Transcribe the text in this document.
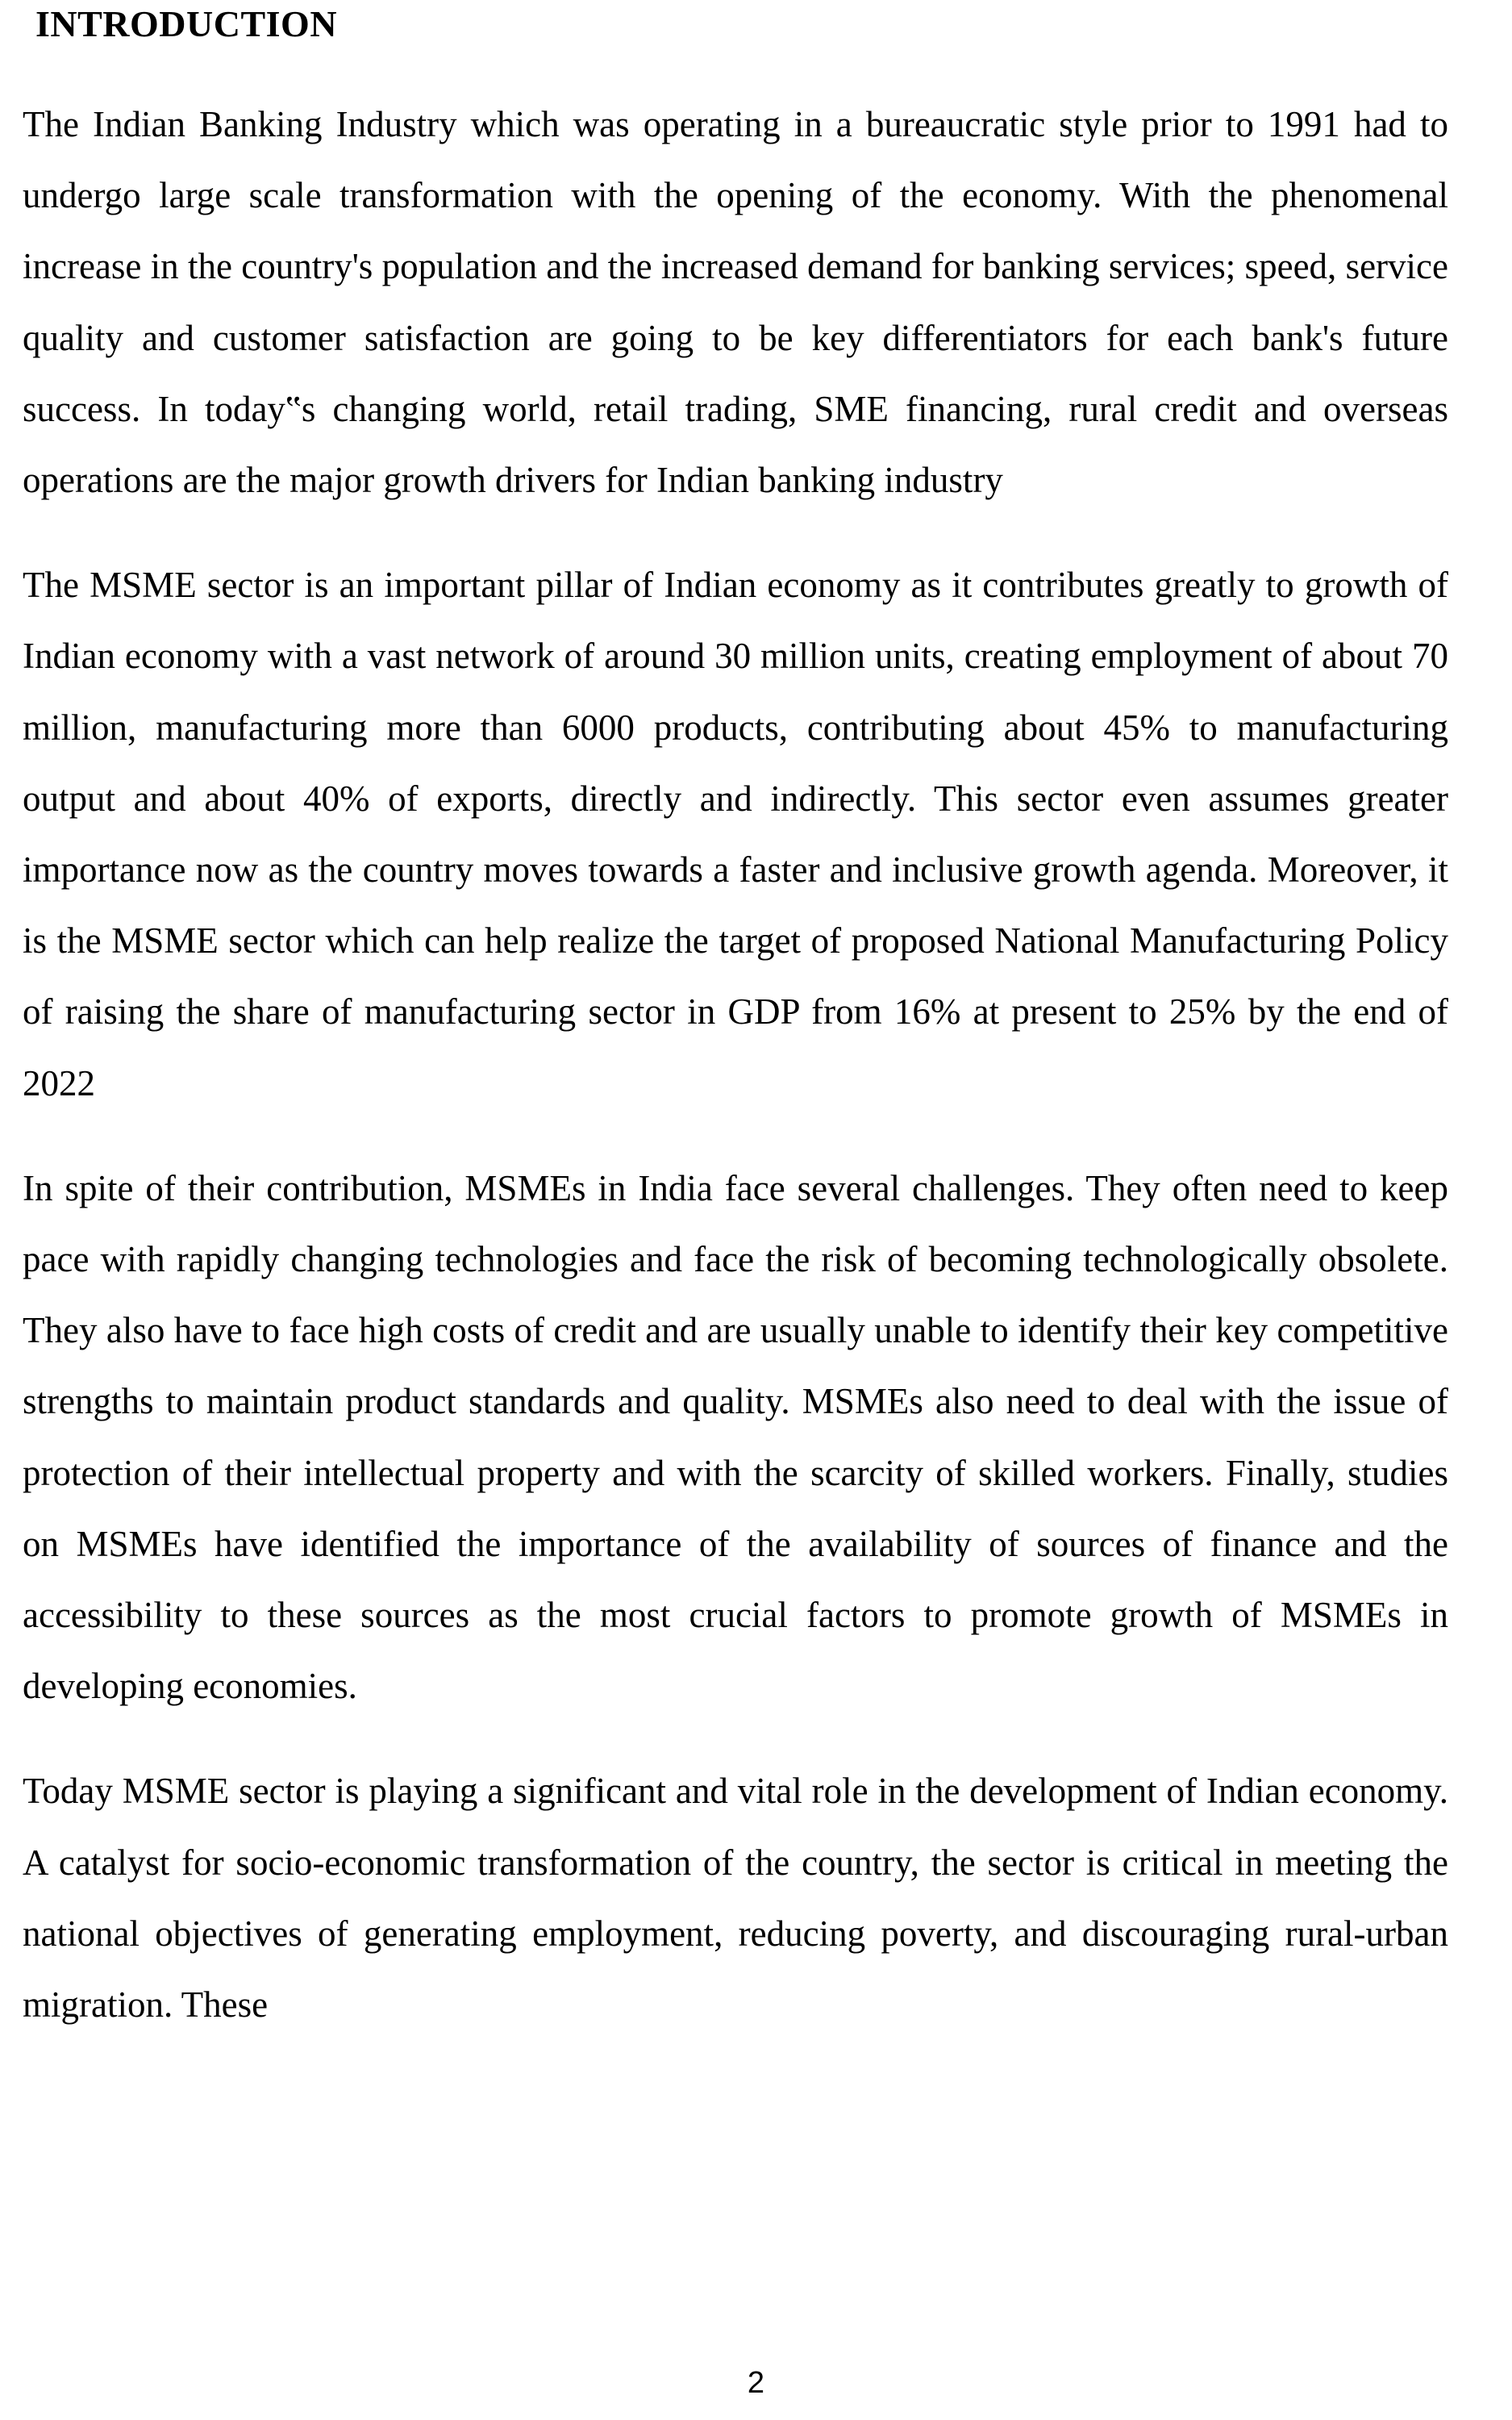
INTRODUCTION

The Indian Banking Industry which was operating in a bureaucratic style prior to 1991 had to undergo large scale transformation with the opening of the economy. With the phenomenal increase in the country's population and the increased demand for banking services; speed, service quality and customer satisfaction are going to be key differentiators for each bank's future success. In today‟s changing world, retail trading, SME financing, rural credit and overseas operations are the major growth drivers for Indian banking industry

The MSME sector is an important pillar of Indian economy as it contributes greatly to growth of Indian economy with a vast network of around 30 million units, creating employment of about 70 million, manufacturing more than 6000 products, contributing about 45% to manufacturing output and about 40% of exports, directly and indirectly. This sector even assumes greater importance now as the country moves towards a faster and inclusive growth agenda. Moreover, it is the MSME sector which can help realize the target of proposed National Manufacturing Policy of raising the share of manufacturing sector in GDP from 16% at present to 25% by the end of 2022

In spite of their contribution, MSMEs in India face several challenges. They often need to keep pace with rapidly changing technologies and face the risk of becoming technologically obsolete. They also have to face high costs of credit and are usually unable to identify their key competitive strengths to maintain product standards and quality. MSMEs also need to deal with the issue of protection of their intellectual property and with the scarcity of skilled workers. Finally, studies on MSMEs have identified the importance of the availability of sources of finance and the accessibility to these sources as the most crucial factors to promote growth of MSMEs in developing economies.

Today MSME sector is playing a significant and vital role in the development of Indian economy. A catalyst for socio-economic transformation of the country, the sector is critical in meeting the national objectives of generating employment, reducing poverty, and discouraging rural-urban migration. These

2
